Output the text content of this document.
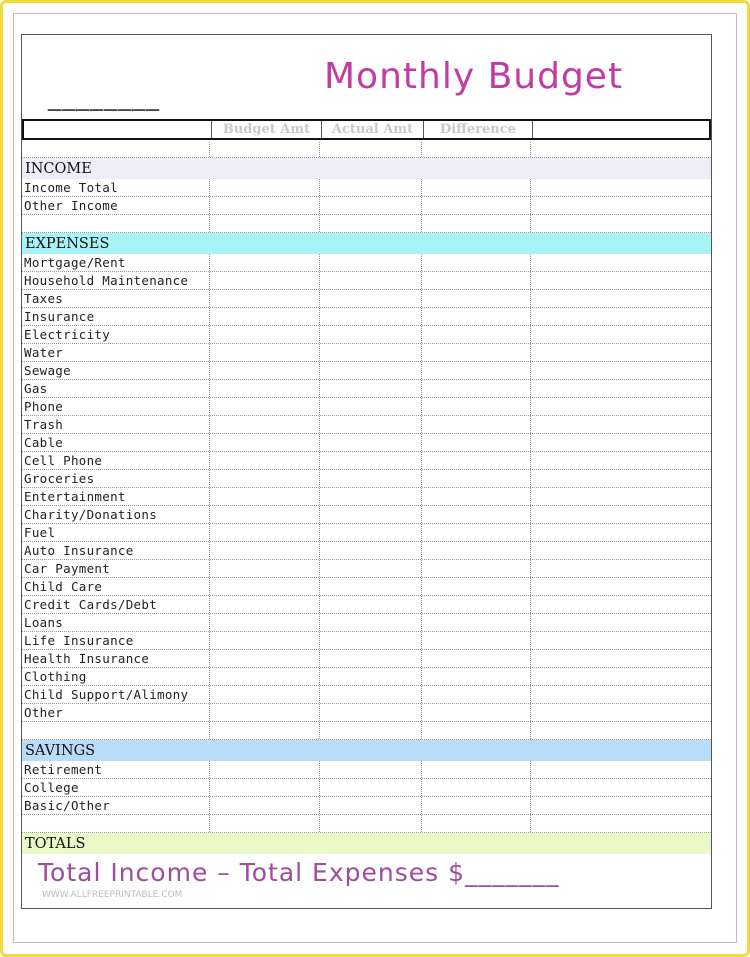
________	Monthly Budget
Budget Amt	Actual Amt	Difference
INCOME
Income Total
Other Income
EXPENSES
Mortgage/Rent
Household Maintenance
Taxes
Insurance
Electricity
Water
Sewage
Gas
Phone
Trash
Cable
Cell Phone
Groceries
Entertainment
Charity/Donations
Fuel
Auto Insurance
Car Payment
Child Care
Credit Cards/Debt
Loans
Life Insurance
Health Insurance
Clothing
Child Support/Alimony
Other
SAVINGS
Retirement
College
Basic/Other
TOTALS
Total Income – Total Expenses $_______
WWW.ALLFREEPRINTABLE.COM
